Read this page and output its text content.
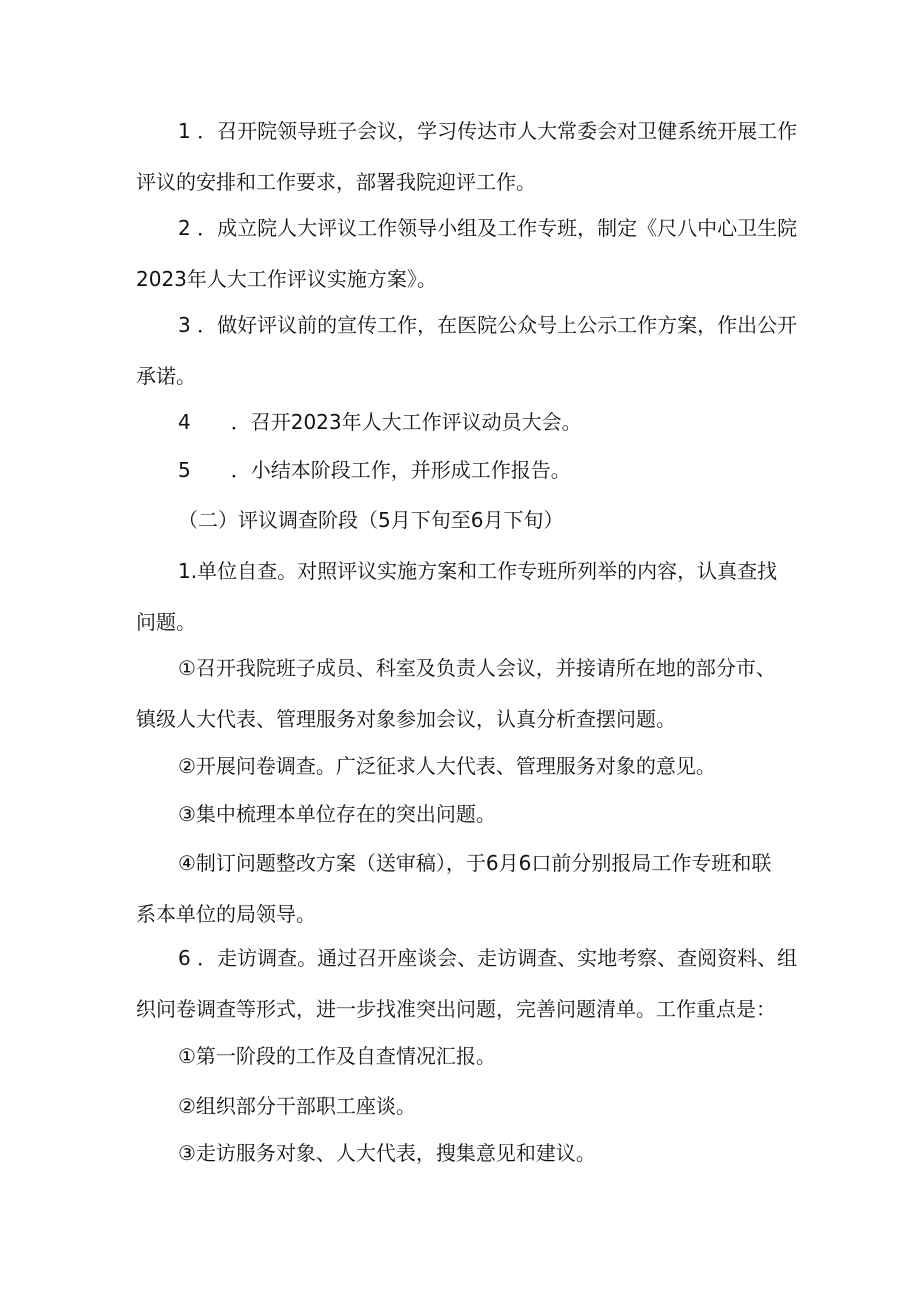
1 ．召开院领导班子会议，学习传达市人大常委会对卫健系统开展工作
评议的安排和工作要求，部署我院迎评工作。

2 ．成立院人大评议工作领导小组及工作专班，制定《尺八中心卫生院
2023年人大工作评议实施方案》。

3 ．做好评议前的宣传工作，在医院公众号上公示工作方案，作出公开
承诺。

4　　．召开2023年人大工作评议动员大会。

5　　．小结本阶段工作，并形成工作报告。

（二）评议调查阶段（5月下旬至6月下旬）

1.单位自查。对照评议实施方案和工作专班所列举的内容，认真查找
问题。

①召开我院班子成员、科室及负责人会议，并接请所在地的部分市、
镇级人大代表、管理服务对象参加会议，认真分析查摆问题。

②开展问卷调查。广泛征求人大代表、管理服务对象的意见。

③集中梳理本单位存在的突出问题。

④制订问题整改方案（送审稿），于6月6口前分别报局工作专班和联
系本单位的局领导。

6 ．走访调查。通过召开座谈会、走访调查、实地考察、查阅资料、组
织问卷调查等形式，进一步找准突出问题，完善问题清单。工作重点是：

①第一阶段的工作及自查情况汇报。

②组织部分干部职工座谈。

③走访服务对象、人大代表，搜集意见和建议。
